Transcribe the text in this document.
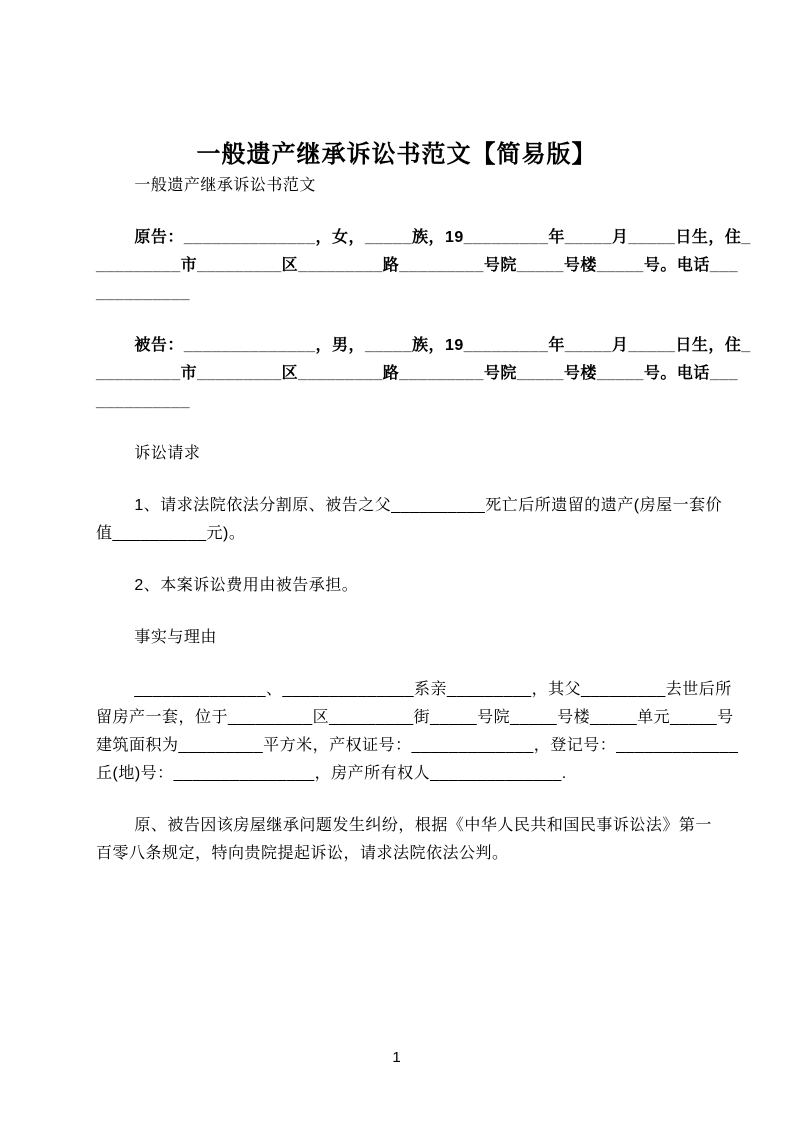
一般遗产继承诉讼书范文【简易版】
一般遗产继承诉讼书范文
原告：______________，女，_____族，19_________年_____月_____日生，住_
_________市_________区_________路_________号院_____号楼_____号。电话___
__________
被告：______________，男，_____族，19_________年_____月_____日生，住_
_________市_________区_________路_________号院_____号楼_____号。电话___
__________
诉讼请求
1、请求法院依法分割原、被告之父__________死亡后所遗留的遗产(房屋一套价
值__________元)。
2、本案诉讼费用由被告承担。
事实与理由
______________、______________系亲_________，其父_________去世后所
留房产一套，位于_________区_________街_____号院_____号楼_____单元_____号
建筑面积为_________平方米，产权证号：_____________，登记号：_____________
丘(地)号：_______________，房产所有权人______________.
原、被告因该房屋继承问题发生纠纷，根据《中华人民共和国民事诉讼法》第一
百零八条规定，特向贵院提起诉讼，请求法院依法公判。
1
